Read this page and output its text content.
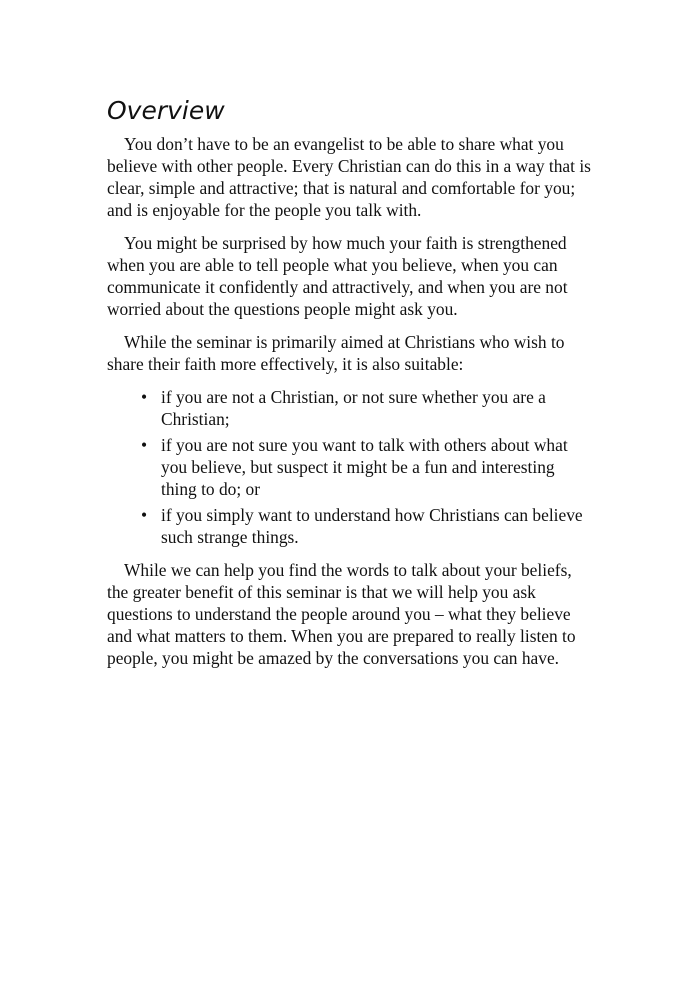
Overview

You don’t have to be an evangelist to be able to share what you believe with other people. Every Christian can do this in a way that is clear, simple and attractive; that is natural and comfortable for you; and is enjoyable for the people you talk with.

You might be surprised by how much your faith is strengthened when you are able to tell people what you believe, when you can communicate it confidently and attractively, and when you are not worried about the questions people might ask you.

While the seminar is primarily aimed at Christians who wish to share their faith more effectively, it is also suitable:

• if you are not a Christian, or not sure whether you are a Christian;
• if you are not sure you want to talk with others about what you believe, but suspect it might be a fun and interesting thing to do; or
• if you simply want to understand how Christians can believe such strange things.

While we can help you find the words to talk about your beliefs, the greater benefit of this seminar is that we will help you ask questions to understand the people around you – what they believe and what matters to them. When you are prepared to really listen to people, you might be amazed by the conversations you can have.
